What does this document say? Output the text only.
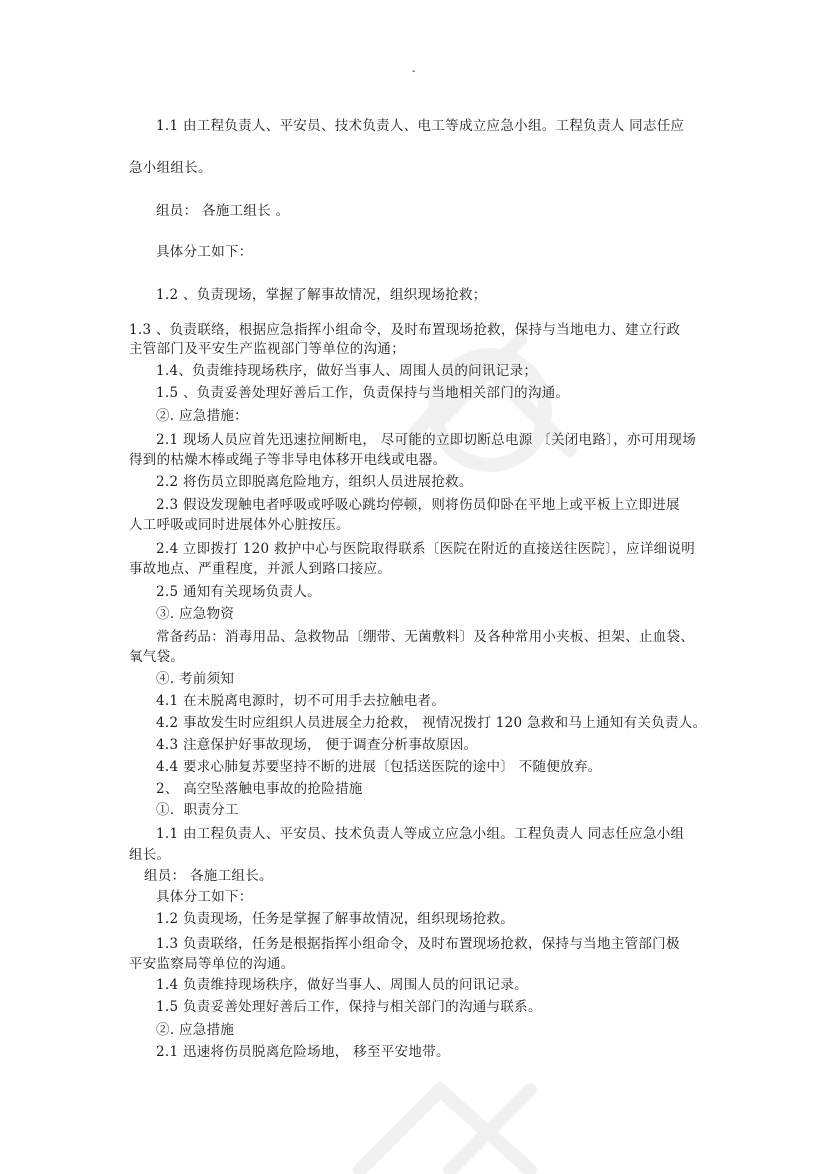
-
1.1 由工程负责人、平安员、技术负责人、电工等成立应急小组。工程负责人 同志任应
急小组组长。
组员： 各施工组长 。
具体分工如下：
1.2 、负责现场，掌握了解事故情况，组织现场抢救；
1.3 、负责联络，根据应急指挥小组命令，及时布置现场抢救，保持与当地电力、建立行政
主管部门及平安生产监视部门等单位的沟通；
1.4、负责维持现场秩序，做好当事人、周围人员的问讯记录；
1.5 、负责妥善处理好善后工作，负责保持与当地相关部门的沟通。
②. 应急措施：
2.1 现场人员应首先迅速拉闸断电， 尽可能的立即切断总电源 〔关闭电路〕，亦可用现场
得到的枯燥木棒或绳子等非导电体移开电线或电器。
2.2 将伤员立即脱离危险地方，组织人员进展抢救。
2.3 假设发现触电者呼吸或呼吸心跳均停顿，则将伤员仰卧在平地上或平板上立即进展
人工呼吸或同时进展体外心脏按压。
2.4 立即拨打 120 救护中心与医院取得联系〔医院在附近的直接送往医院〕，应详细说明
事故地点、严重程度，并派人到路口接应。
2.5 通知有关现场负责人。
③. 应急物资
常备药品：消毒用品、急救物品〔绷带、无菌敷料〕及各种常用小夹板、担架、止血袋、
氧气袋。
④. 考前须知
4.1 在未脱离电源时，切不可用手去拉触电者。
4.2 事故发生时应组织人员进展全力抢救， 视情况拨打 120 急救和马上通知有关负责人。
4.3 注意保护好事故现场， 便于调查分析事故原因。
4.4 要求心肺复苏要坚持不断的进展〔包括送医院的途中〕 不随便放弃。
2、 高空坠落触电事故的抢险措施
①．职责分工
1.1 由工程负责人、平安员、技术负责人等成立应急小组。工程负责人 同志任应急小组
组长。
组员： 各施工组长。
具体分工如下：
1.2 负责现场，任务是掌握了解事故情况，组织现场抢救。
1.3 负责联络，任务是根据指挥小组命令，及时布置现场抢救，保持与当地主管部门极
平安监察局等单位的沟通。
1.4 负责维持现场秩序，做好当事人、周围人员的问讯记录。
1.5 负责妥善处理好善后工作，保持与相关部门的沟通与联系。
②. 应急措施
2.1 迅速将伤员脱离危险场地， 移至平安地带。
